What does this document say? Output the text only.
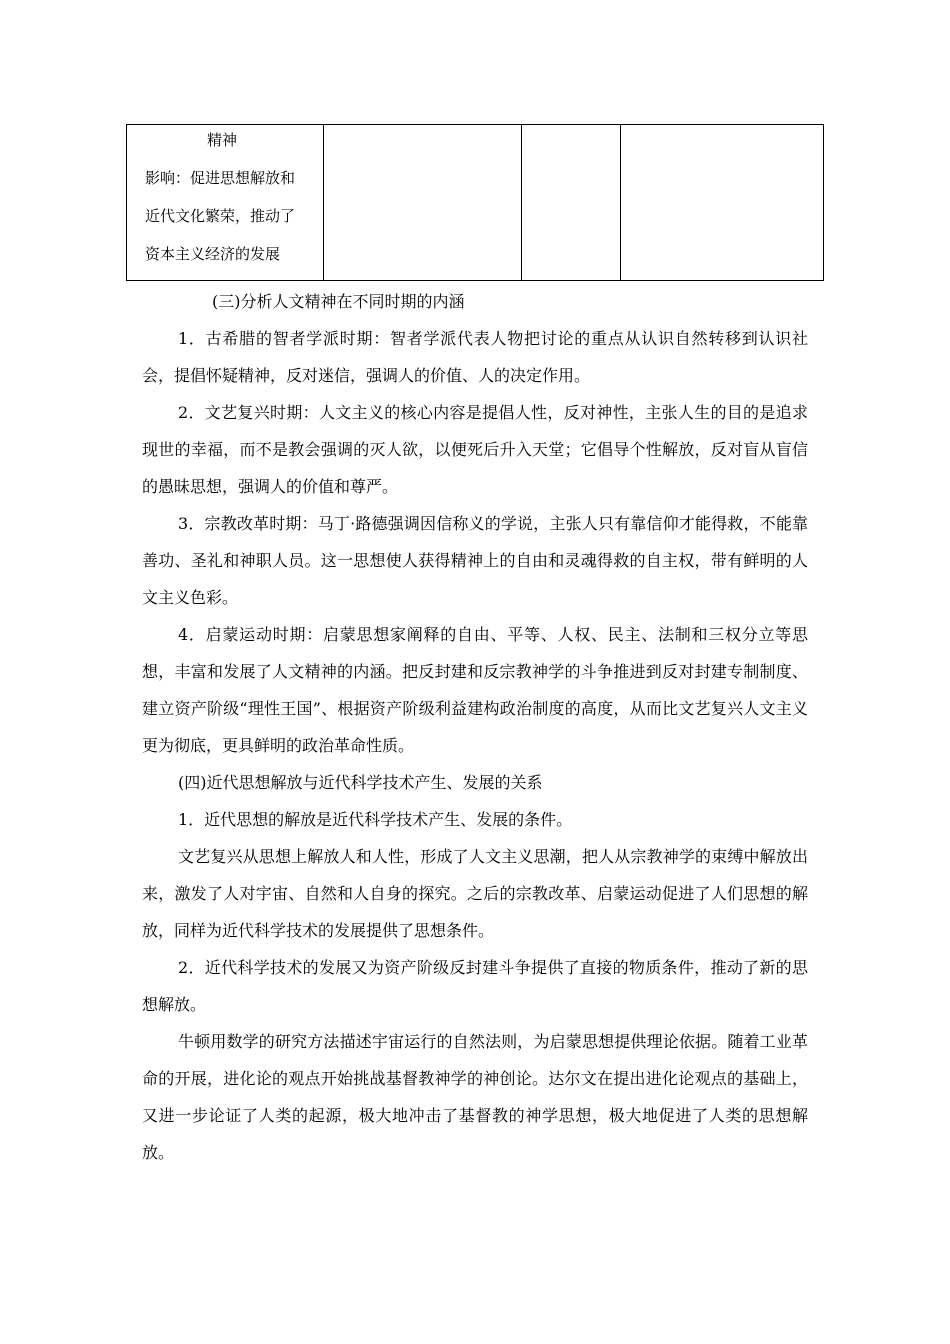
精神
影响：促进思想解放和
近代文化繁荣，推动了
资本主义经济的发展

(三)分析人文精神在不同时期的内涵

1．古希腊的智者学派时期：智者学派代表人物把讨论的重点从认识自然转移到认识社会，提倡怀疑精神，反对迷信，强调人的价值、人的决定作用。

2．文艺复兴时期：人文主义的核心内容是提倡人性，反对神性，主张人生的目的是追求现世的幸福，而不是教会强调的灭人欲，以便死后升入天堂；它倡导个性解放，反对盲从盲信的愚昧思想，强调人的价值和尊严。

3．宗教改革时期：马丁·路德强调因信称义的学说，主张人只有靠信仰才能得救，不能靠善功、圣礼和神职人员。这一思想使人获得精神上的自由和灵魂得救的自主权，带有鲜明的人文主义色彩。

4．启蒙运动时期：启蒙思想家阐释的自由、平等、人权、民主、法制和三权分立等思想，丰富和发展了人文精神的内涵。把反封建和反宗教神学的斗争推进到反对封建专制制度、建立资产阶级“理性王国”、根据资产阶级利益建构政治制度的高度，从而比文艺复兴人文主义更为彻底，更具鲜明的政治革命性质。

(四)近代思想解放与近代科学技术产生、发展的关系

1．近代思想的解放是近代科学技术产生、发展的条件。

文艺复兴从思想上解放人和人性，形成了人文主义思潮，把人从宗教神学的束缚中解放出来，激发了人对宇宙、自然和人自身的探究。之后的宗教改革、启蒙运动促进了人们思想的解放，同样为近代科学技术的发展提供了思想条件。

2．近代科学技术的发展又为资产阶级反封建斗争提供了直接的物质条件，推动了新的思想解放。

牛顿用数学的研究方法描述宇宙运行的自然法则，为启蒙思想提供理论依据。随着工业革命的开展，进化论的观点开始挑战基督教神学的神创论。达尔文在提出进化论观点的基础上，又进一步论证了人类的起源，极大地冲击了基督教的神学思想，极大地促进了人类的思想解放。
